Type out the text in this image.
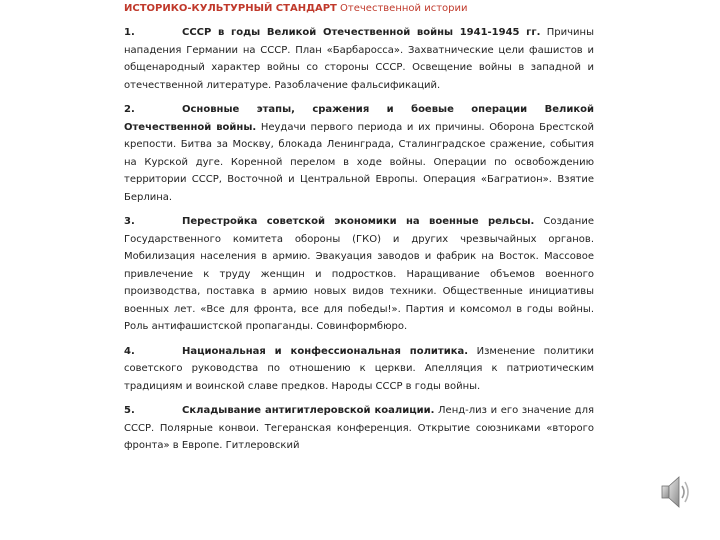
ИСТОРИКО-КУЛЬТУРНЫЙ СТАНДАРТ Отечественной истории

1.	СССР в годы Великой Отечественной войны 1941-1945 гг. Причины нападения Германии на СССР. План «Барбаросса». Захватнические цели фашистов и общенародный характер войны со стороны СССР. Освещение войны в западной и отечественной литературе. Разоблачение фальсификаций.

2.	Основные этапы, сражения и боевые операции Великой Отечественной войны. Неудачи первого периода и их причины. Оборона Брестской крепости. Битва за Москву, блокада Ленинграда, Сталинградское сражение, события на Курской дуге. Коренной перелом в ходе войны. Операции по освобождению территории СССР, Восточной и Центральной Европы. Операция «Багратион». Взятие Берлина.

3.	Перестройка советской экономики на военные рельсы. Создание Государственного комитета обороны (ГКО) и других чрезвычайных органов. Мобилизация населения в армию. Эвакуация заводов и фабрик на Восток. Массовое привлечение к труду женщин и подростков. Наращивание объемов военного производства, поставка в армию новых видов техники. Общественные инициативы военных лет. «Все для фронта, все для победы!». Партия и комсомол в годы войны. Роль антифашистской пропаганды. Совинформбюро.

4.	Национальная и конфессиональная политика. Изменение политики советского руководства по отношению к церкви. Апелляция к патриотическим традициям и воинской славе предков. Народы СССР в годы войны.

5.	Складывание антигитлеровской коалиции. Ленд-лиз и его значение для СССР. Полярные конвои. Тегеранская конференция. Открытие союзниками «второго фронта» в Европе. Гитлеровский
